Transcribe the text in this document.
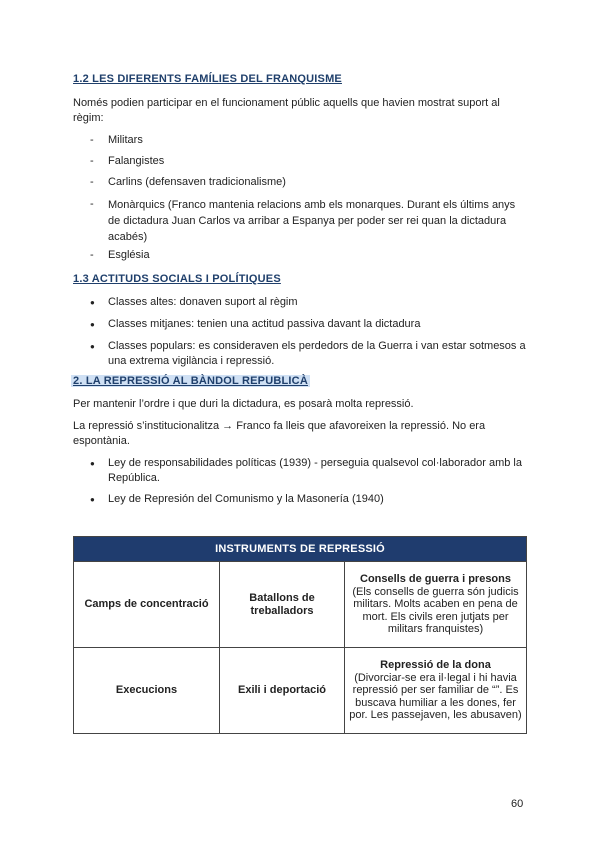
1.2 LES DIFERENTS FAMÍLIES DEL FRANQUISME
Només podien participar en el funcionament públic aquells que havien mostrat suport al règim:
- Militars
- Falangistes
- Carlins (defensaven tradicionalisme)
- Monàrquics (Franco mantenia relacions amb els monarques. Durant els últims anys de dictadura Juan Carlos va arribar a Espanya per poder ser rei quan la dictadura acabés)
- Església
1.3 ACTITUDS SOCIALS I POLÍTIQUES
● Classes altes: donaven suport al règim
● Classes mitjanes: tenien una actitud passiva davant la dictadura
● Classes populars: es consideraven els perdedors de la Guerra i van estar sotmesos a una extrema vigilància i repressió.
2. LA REPRESSIÓ AL BÀNDOL REPUBLICÀ
Per mantenir l’ordre i que duri la dictadura, es posarà molta repressió.
La repressió s’institucionalitza → Franco fa lleis que afavoreixen la repressió. No era espontània.
● Ley de responsabilidades políticas (1939) - perseguia qualsevol col·laborador amb la República.
● Ley de Represión del Comunismo y la Masonería (1940)
INSTRUMENTS DE REPRESSIÓ		
Camps de concentració	Batallons de treballadors	Consells de guerra i presons
(Els consells de guerra són judicis militars. Molts acaben en pena de mort. Els civils eren jutjats per militars franquistes)

Execucions	Exili i deportació	Repressió de la dona
(Divorciar-se era il·legal i hi havia repressió per ser familiar de “”. Es buscava humiliar a les dones, fer por. Les passejaven, les abusaven)
60
